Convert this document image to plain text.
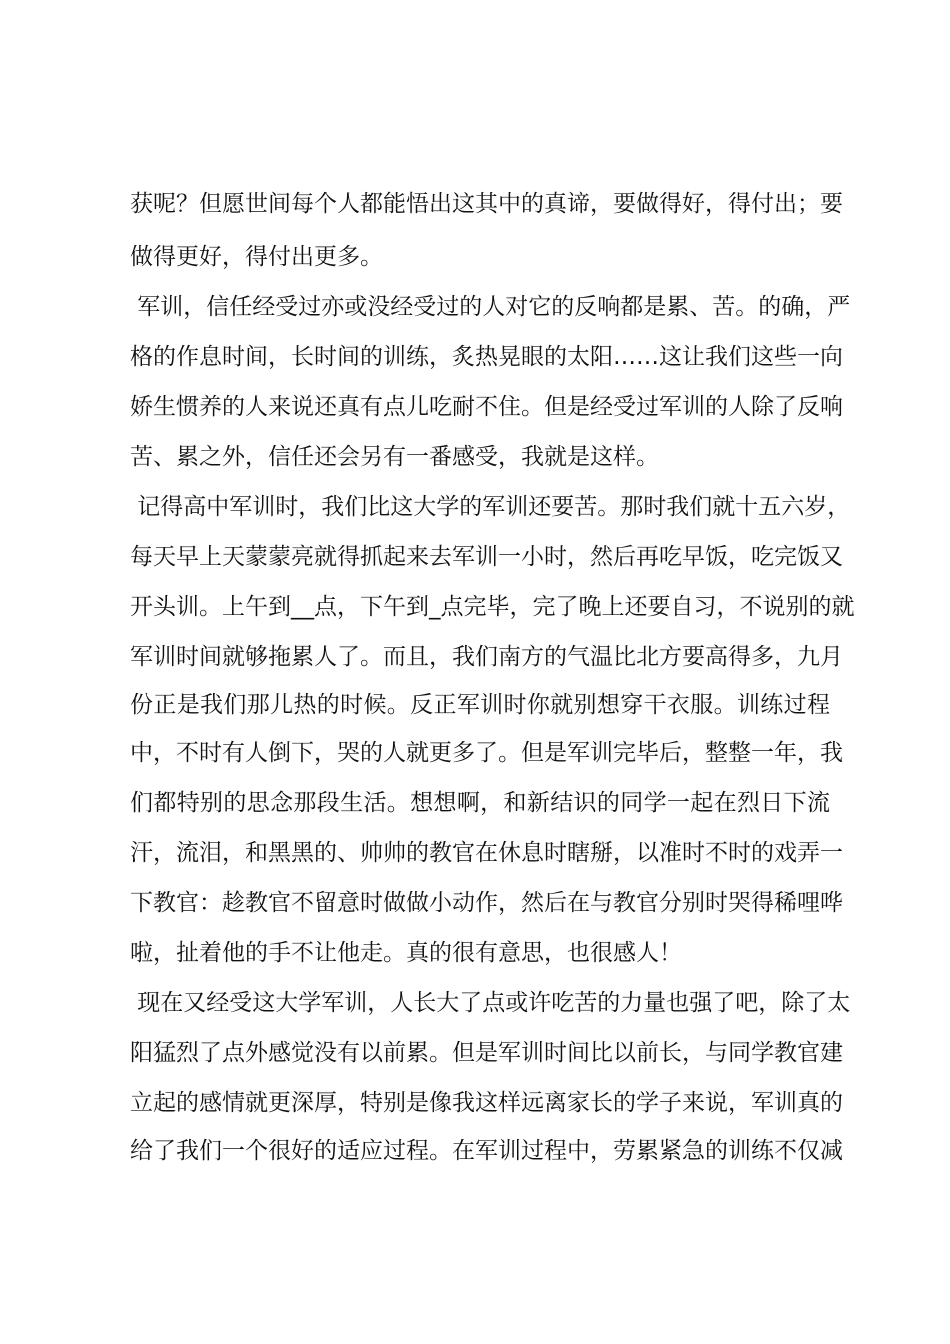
获呢？但愿世间每个人都能悟出这其中的真谛，要做得好，得付出；要
做得更好，得付出更多。
军训，信任经受过亦或没经受过的人对它的反响都是累、苦。的确，严
格的作息时间，长时间的训练，炙热晃眼的太阳……这让我们这些一向
娇生惯养的人来说还真有点儿吃耐不住。但是经受过军训的人除了反响
苦、累之外，信任还会另有一番感受，我就是这样。
记得高中军训时，我们比这大学的军训还要苦。那时我们就十五六岁，
每天早上天蒙蒙亮就得抓起来去军训一小时，然后再吃早饭，吃完饭又
开头训。上午到__点，下午到_点完毕，完了晚上还要自习，不说别的就
军训时间就够拖累人了。而且，我们南方的气温比北方要高得多，九月
份正是我们那儿热的时候。反正军训时你就别想穿干衣服。训练过程
中，不时有人倒下，哭的人就更多了。但是军训完毕后，整整一年，我
们都特别的思念那段生活。想想啊，和新结识的同学一起在烈日下流
汗，流泪，和黑黑的、帅帅的教官在休息时瞎掰，以准时不时的戏弄一
下教官：趁教官不留意时做做小动作，然后在与教官分别时哭得稀哩哗
啦，扯着他的手不让他走。真的很有意思，也很感人！
现在又经受这大学军训，人长大了点或许吃苦的力量也强了吧，除了太
阳猛烈了点外感觉没有以前累。但是军训时间比以前长，与同学教官建
立起的感情就更深厚，特别是像我这样远离家长的学子来说，军训真的
给了我们一个很好的适应过程。在军训过程中，劳累紧急的训练不仅减
